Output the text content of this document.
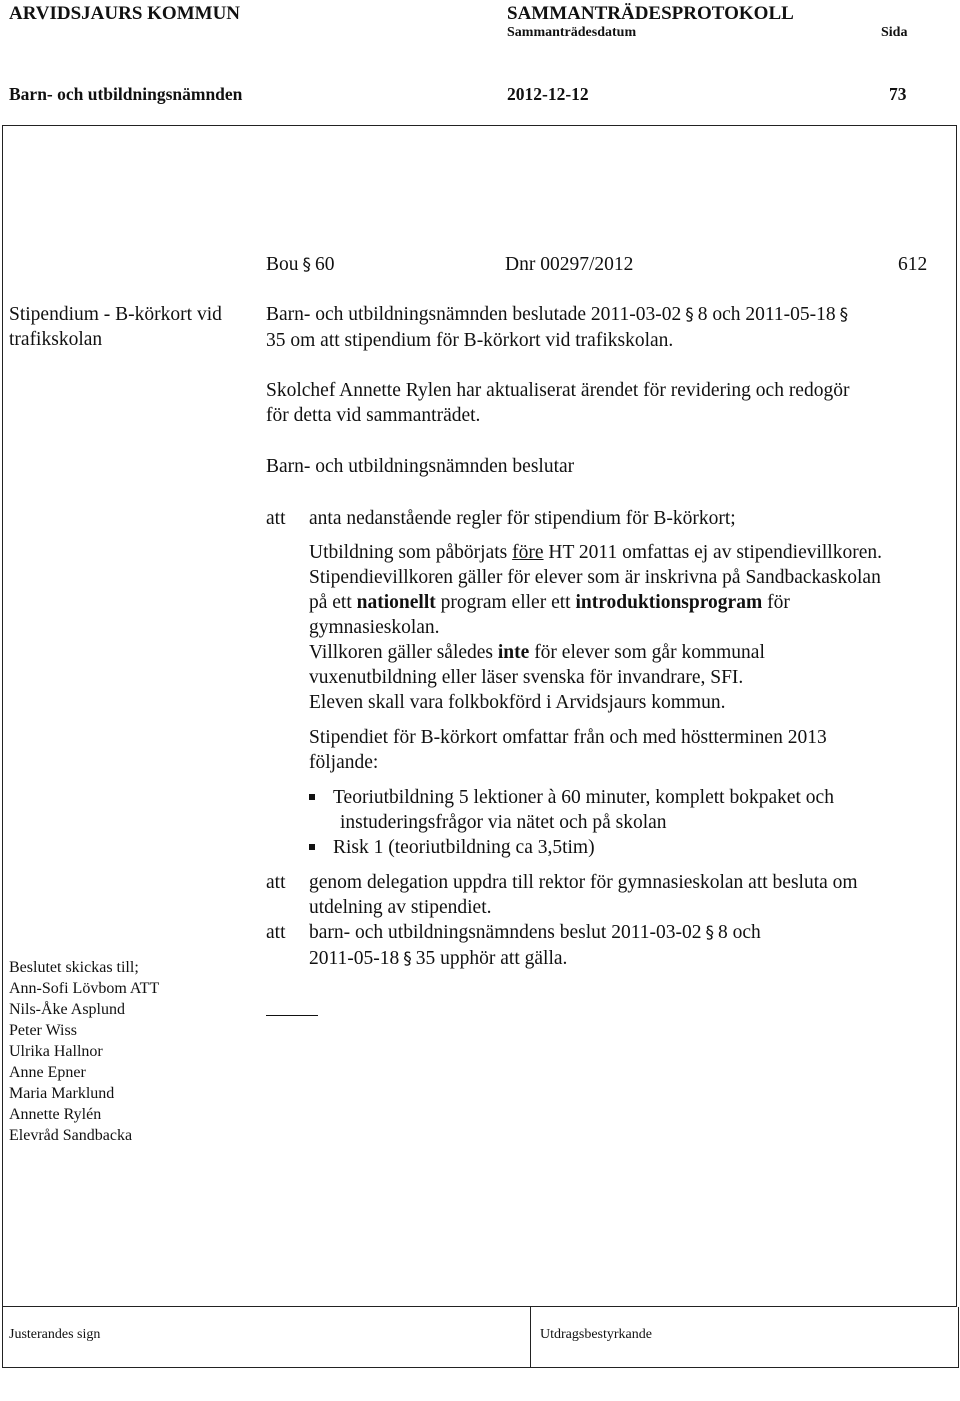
ARVIDSJAURS KOMMUN	SAMMANTRÄDESPROTOKOLL
Sammanträdesdatum	Sida
Barn- och utbildningsnämnden	2012-12-12	73
Bou § 60	Dnr 00297/2012	612
Stipendium - B-körkort vid
trafikskolan
Barn- och utbildningsnämnden beslutade 2011-03-02 § 8 och 2011-05-18 §
35 om att stipendium för B-körkort vid trafikskolan.
Skolchef Annette Rylen har aktualiserat ärendet för revidering och redogör
för detta vid sammanträdet.
Barn- och utbildningsnämnden beslutar
att anta nedanstående regler för stipendium för B-körkort;
Utbildning som påbörjats före HT 2011 omfattas ej av stipendievillkoren.
Stipendievillkoren gäller för elever som är inskrivna på Sandbackaskolan
på ett nationellt program eller ett introduktionsprogram för
gymnasieskolan.
Villkoren gäller således inte för elever som går kommunal
vuxenutbildning eller läser svenska för invandrare, SFI.
Eleven skall vara folkbokförd i Arvidsjaurs kommun.
Stipendiet för B-körkort omfattar från och med höstterminen 2013
följande:
Teoriutbildning 5 lektioner à 60 minuter, komplett bokpaket och
instuderingsfrågor via nätet och på skolan
Risk 1 (teoriutbildning ca 3,5tim)
att genom delegation uppdra till rektor för gymnasieskolan att besluta om
utdelning av stipendiet.
att barn- och utbildningsnämndens beslut 2011-03-02 § 8 och
2011-05-18 § 35 upphör att gälla.
Beslutet skickas till;
Ann-Sofi Lövbom ATT
Nils-Åke Asplund
Peter Wiss
Ulrika Hallnor
Anne Epner
Maria Marklund
Annette Rylén
Elevråd Sandbacka
Justerandes sign	Utdragsbestyrkande
